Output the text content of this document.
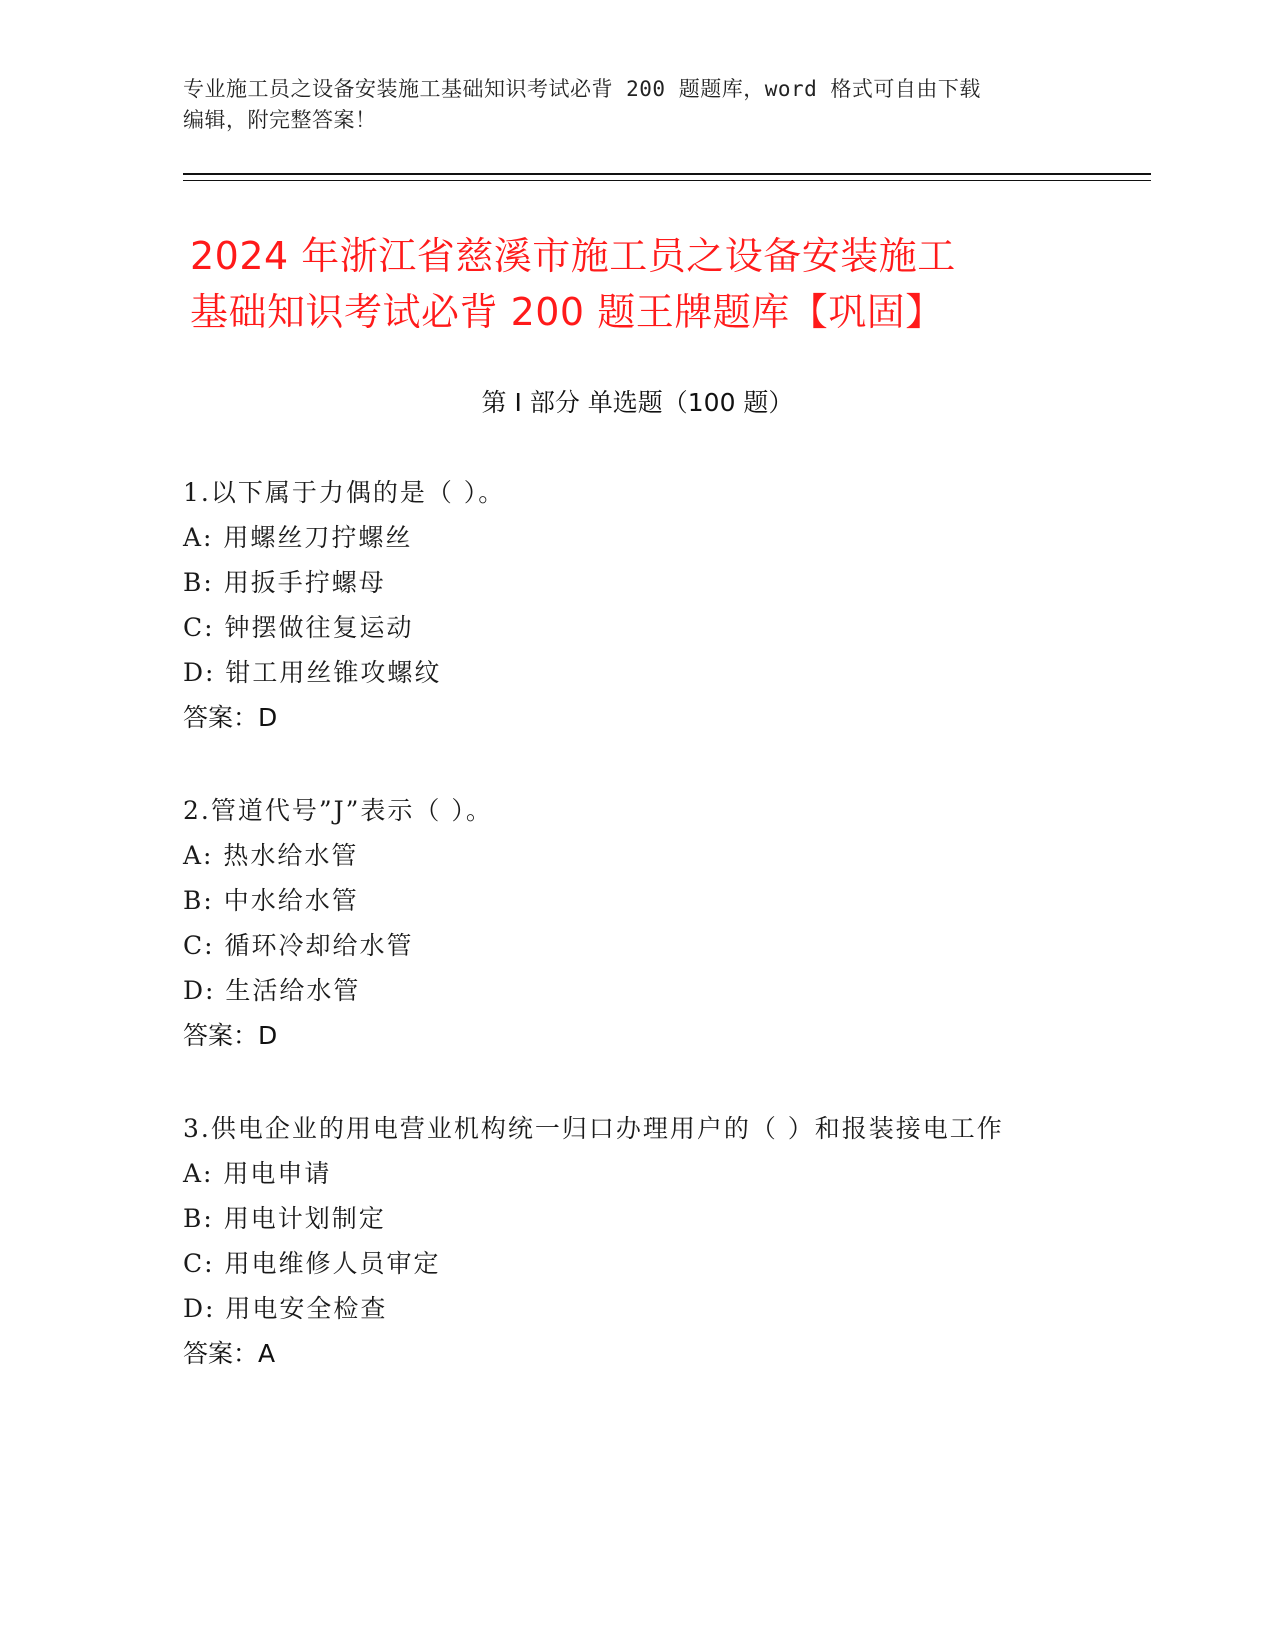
专业施工员之设备安装施工基础知识考试必背 200 题题库，word 格式可自由下载
编辑，附完整答案！
2024 年浙江省慈溪市施工员之设备安装施工
基础知识考试必背 200 题王牌题库【巩固】
第 I 部分 单选题（100 题）
1.以下属于力偶的是（ ）。
A: 用螺丝刀拧螺丝
B: 用扳手拧螺母
C: 钟摆做往复运动
D: 钳工用丝锥攻螺纹
答案：D
2.管道代号”J”表示（ ）。
A: 热水给水管
B: 中水给水管
C: 循环冷却给水管
D: 生活给水管
答案：D
3.供电企业的用电营业机构统一归口办理用户的（ ）和报装接电工作
A: 用电申请
B: 用电计划制定
C: 用电维修人员审定
D: 用电安全检查
答案：A
